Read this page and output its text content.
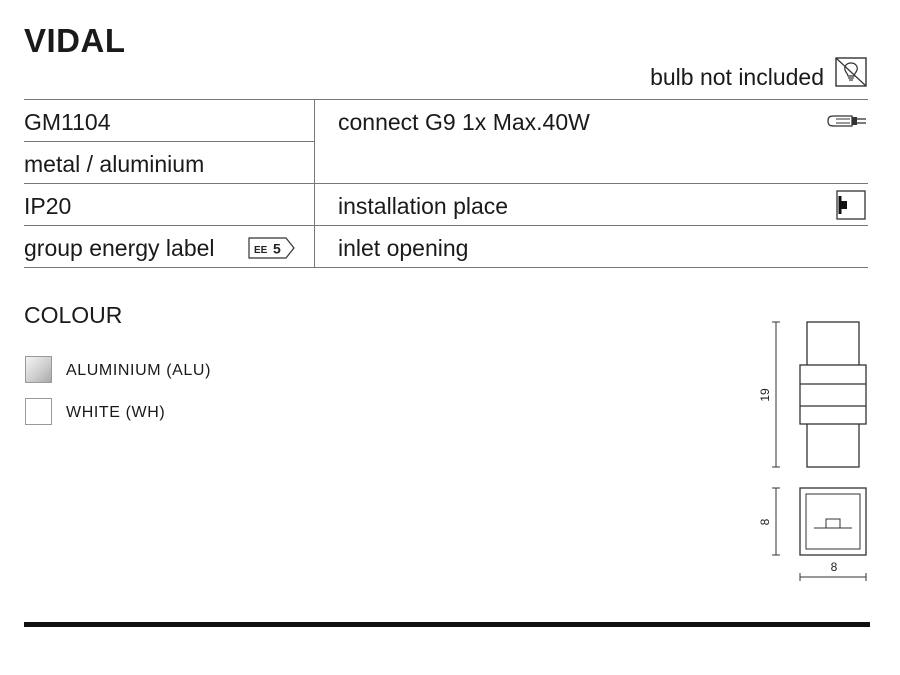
VIDAL
bulb not included
GM1104
metal / aluminium
IP20
group energy label	EE 5
connect G9 1x Max.40W
installation place
inlet opening
COLOUR
ALUMINIUM (ALU)
WHITE (WH)
19
8
8
